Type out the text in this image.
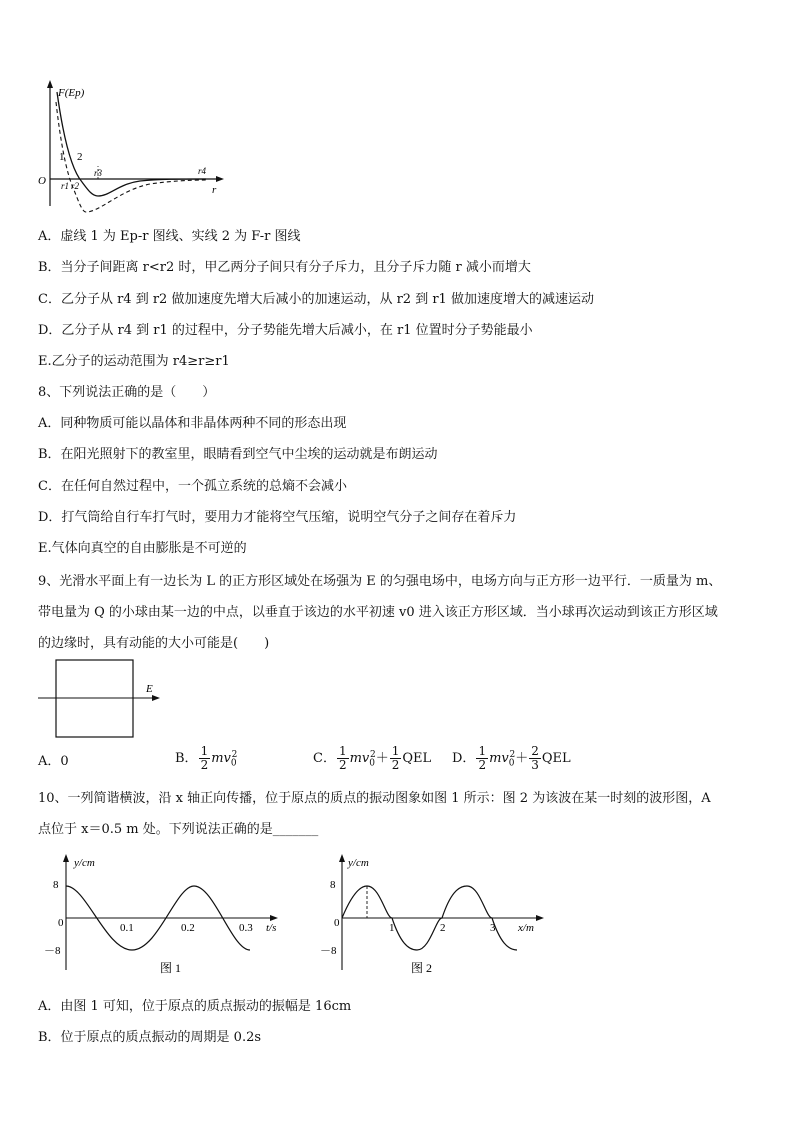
F(Ep)
O
r
1 2
r1 r2
r3	r4
A．虚线 1 为 Ep-r 图线、实线 2 为 F-r 图线
B．当分子间距离 r<r2 时，甲乙两分子间只有分子斥力，且分子斥力随 r 减小而增大
C．乙分子从 r4 到 r2 做加速度先增大后减小的加速运动，从 r2 到 r1 做加速度增大的减速运动
D．乙分子从 r4 到 r1 的过程中，分子势能先增大后减小，在 r1 位置时分子势能最小
E.乙分子的运动范围为 r4≥r≥r1
8、下列说法正确的是（　　）
A．同种物质可能以晶体和非晶体两种不同的形态出现
B．在阳光照射下的教室里，眼睛看到空气中尘埃的运动就是布朗运动
C．在任何自然过程中，一个孤立系统的总熵不会减小
D．打气筒给自行车打气时，要用力才能将空气压缩，说明空气分子之间存在着斥力
E.气体向真空的自由膨胀是不可逆的
9、光滑水平面上有一边长为 L 的正方形区域处在场强为 E 的匀强电场中，电场方向与正方形一边平行．一质量为 m、
带电量为 Q 的小球由某一边的中点，以垂直于该边的水平初速 v0 进入该正方形区域．当小球再次运动到该正方形区域
的边缘时，具有动能的大小可能是(　　)
E
A．0	B． $\frac{1}{2} mv_0^2$	C． $\frac{1}{2} mv_0^2+ \frac{1}{2}$ QEL D． $\frac{1}{2} mv_0^2+ \frac{2}{3}$ QEL
10、一列简谐横波，沿 x 轴正向传播，位于原点的质点的振动图象如图 1 所示：图 2 为该波在某一时刻的波形图，A
点位于 x＝0.5 m 处。下列说法正确的是_______
y/cm
t/s
8
0
－8
0.1	0.2	0.3
图 1
y/cm
x/m
8
0
－8
1	2	3
图 2
A．由图 1 可知，位于原点的质点振动的振幅是 16cm
B．位于原点的质点振动的周期是 0.2s
